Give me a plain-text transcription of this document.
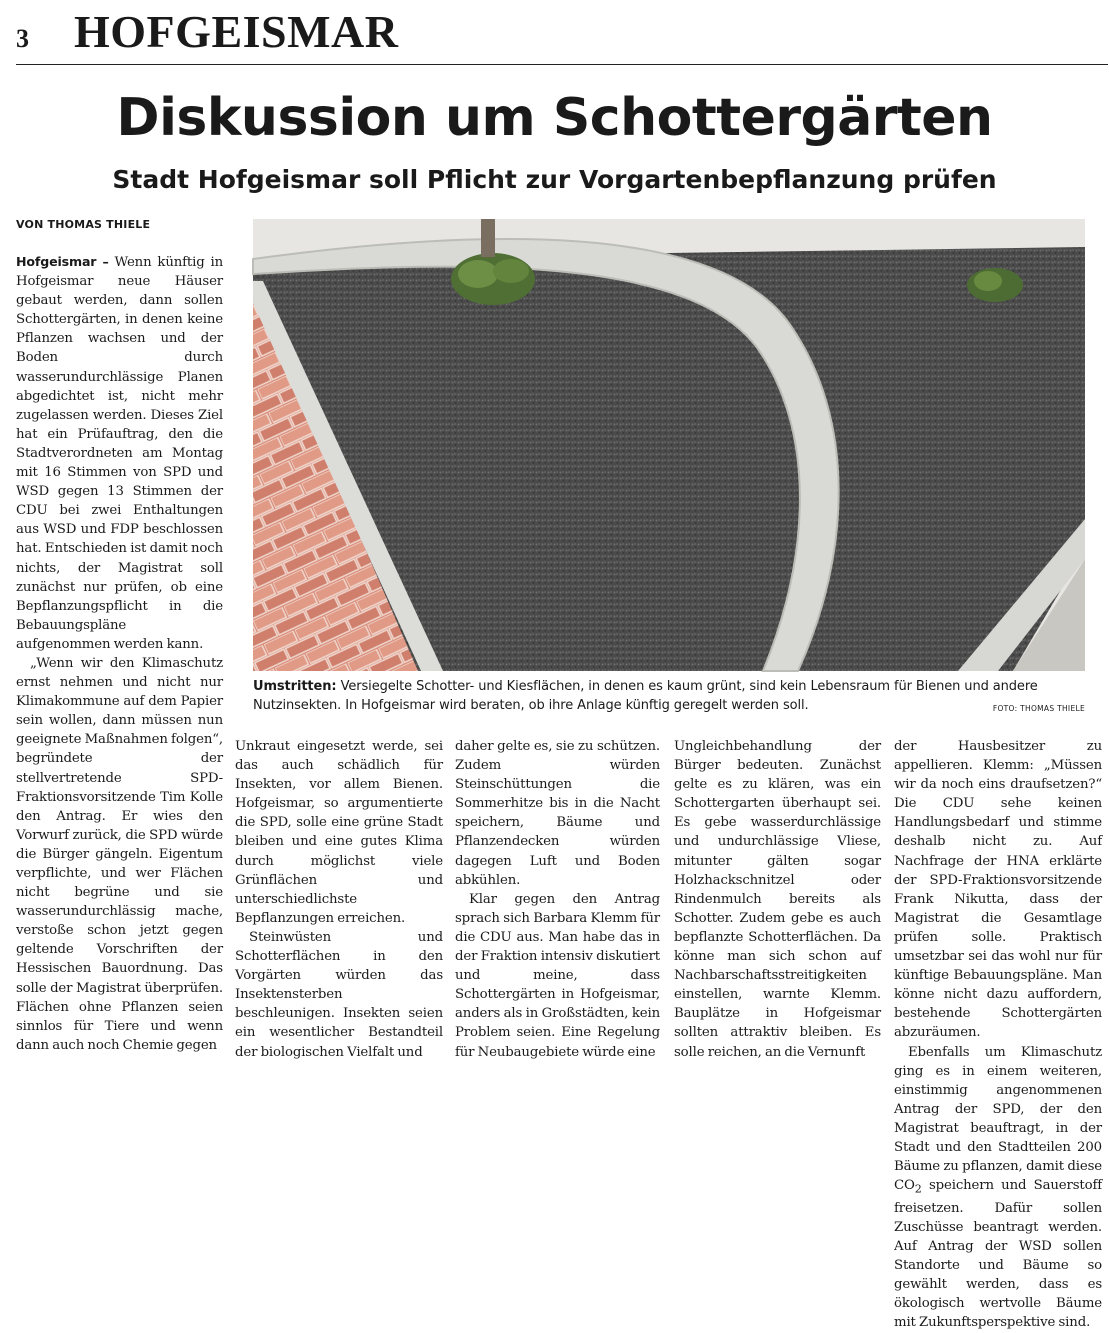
3 HOFGEISMAR
Diskussion um Schottergärten
Stadt Hofgeismar soll Pflicht zur Vorgartenbepflanzung prüfen
VON THOMAS THIELE
Umstritten: Versiegelte Schotter- und Kiesflächen, in denen es kaum grünt, sind kein Lebensraum für Bienen und andere Nutzinsekten. In Hofgeismar wird beraten, ob ihre Anlage künftig geregelt werden soll.	FOTO: THOMAS THIELE

Hofgeismar – Wenn künftig in Hofgeismar neue Häuser gebaut werden, dann sollen Schottergärten, in denen keine Pflanzen wachsen und der Boden durch wasserundurchlässige Planen abgedichtet ist, nicht mehr zugelassen werden. Dieses Ziel hat ein Prüfauftrag, den die Stadtverordneten am Montag mit 16 Stimmen von SPD und WSD gegen 13 Stimmen der CDU bei zwei Enthaltungen aus WSD und FDP beschlossen hat. Entschieden ist damit noch nichts, der Magistrat soll zunächst nur prüfen, ob eine Bepflanzungspflicht in die Bebauungspläne aufgenommen werden kann.

„Wenn wir den Klimaschutz ernst nehmen und nicht nur Klimakommune auf dem Papier sein wollen, dann müssen nun geeignete Maßnahmen folgen“, begründete der stellvertretende SPD-Fraktionsvorsitzende Tim Kolle den Antrag. Er wies den Vorwurf zurück, die SPD würde die Bürger gängeln. Eigentum verpflichte, und wer Flächen nicht begrüne und sie wasserundurchlässig mache, verstoße schon jetzt gegen geltende Vorschriften der Hessischen Bauordnung. Das solle der Magistrat überprüfen. Flächen ohne Pflanzen seien sinnlos für Tiere und wenn dann auch noch Chemie gegen

Unkraut eingesetzt werde, sei das auch schädlich für Insekten, vor allem Bienen. Hofgeismar, so argumentierte die SPD, solle eine grüne Stadt bleiben und eine gutes Klima durch möglichst viele Grünflächen und unterschiedlichste Bepflanzungen erreichen.

Steinwüsten und Schotterflächen in den Vorgärten würden das Insektensterben beschleunigen. Insekten seien ein wesentlicher Bestandteil der biologischen Vielfalt und

daher gelte es, sie zu schützen. Zudem würden Steinschüttungen die Sommerhitze bis in die Nacht speichern, Bäume und Pflanzendecken würden dagegen Luft und Boden abkühlen.

Klar gegen den Antrag sprach sich Barbara Klemm für die CDU aus. Man habe das in der Fraktion intensiv diskutiert und meine, dass Schottergärten in Hofgeismar, anders als in Großstädten, kein Problem seien. Eine Regelung für Neubaugebiete würde eine

Ungleichbehandlung der Bürger bedeuten. Zunächst gelte es zu klären, was ein Schottergarten überhaupt sei. Es gebe wasserdurchlässige und undurchlässige Vliese, mitunter gälten sogar Holzhackschnitzel oder Rindenmulch bereits als Schotter. Zudem gebe es auch bepflanzte Schotterflächen. Da könne man sich schon auf Nachbarschaftsstreitigkeiten einstellen, warnte Klemm. Bauplätze in Hofgeismar sollten attraktiv bleiben. Es solle reichen, an die Vernunft

der Hausbesitzer zu appellieren. Klemm: „Müssen wir da noch eins draufsetzen?“ Die CDU sehe keinen Handlungsbedarf und stimme deshalb nicht zu. Auf Nachfrage der HNA erklärte der SPD-Fraktionsvorsitzende Frank Nikutta, dass der Magistrat die Gesamtlage prüfen solle. Praktisch umsetzbar sei das wohl nur für künftige Bebauungspläne. Man könne nicht dazu auffordern, bestehende Schottergärten abzuräumen.

Ebenfalls um Klimaschutz ging es in einem weiteren, einstimmig angenommenen Antrag der SPD, der den Magistrat beauftragt, in der Stadt und den Stadtteilen 200 Bäume zu pflanzen, damit diese $CO_2$ speichern und Sauerstoff freisetzen. Dafür sollen Zuschüsse beantragt werden. Auf Antrag der WSD sollen Standorte und Bäume so gewählt werden, dass es ökologisch wertvolle Bäume mit Zukunftsperspektive sind.
